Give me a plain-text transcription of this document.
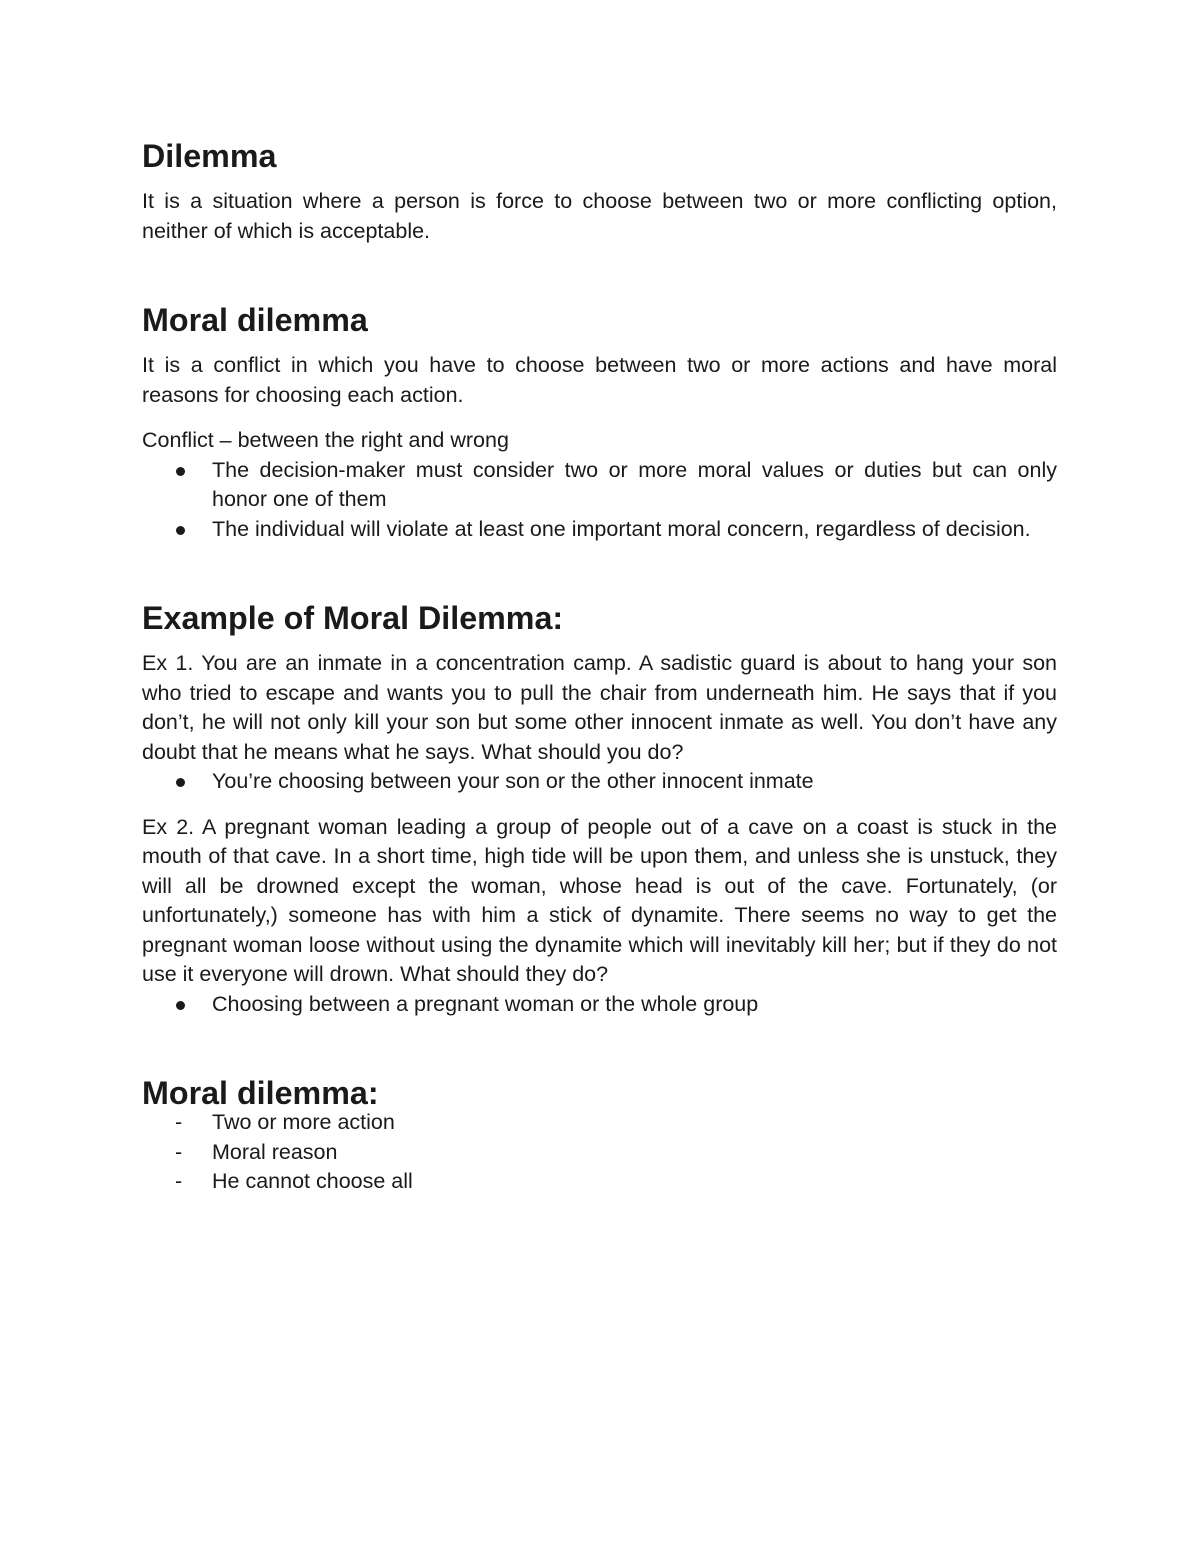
Dilemma

It is a situation where a person is force to choose between two or more conflicting option, neither of which is acceptable.

Moral dilemma

It is a conflict in which you have to choose between two or more actions and have moral reasons for choosing each action.

Conflict – between the right and wrong

The decision-maker must consider two or more moral values or duties but can only honor one of them
The individual will violate at least one important moral concern, regardless of decision.
Example of Moral Dilemma:

Ex 1. You are an inmate in a concentration camp. A sadistic guard is about to hang your son who tried to escape and wants you to pull the chair from underneath him. He says that if you don’t, he will not only kill your son but some other innocent inmate as well. You don’t have any doubt that he means what he says. What should you do?

You’re choosing between your son or the other innocent inmate

Ex 2. A pregnant woman leading a group of people out of a cave on a coast is stuck in the mouth of that cave. In a short time, high tide will be upon them, and unless she is unstuck, they will all be drowned except the woman, whose head is out of the cave. Fortunately, (or unfortunately,) someone has with him a stick of dynamite. There seems no way to get the pregnant woman loose without using the dynamite which will inevitably kill her; but if they do not use it everyone will drown. What should they do?

Choosing between a pregnant woman or the whole group
Moral dilemma:
- Two or more action
- Moral reason
- He cannot choose all
